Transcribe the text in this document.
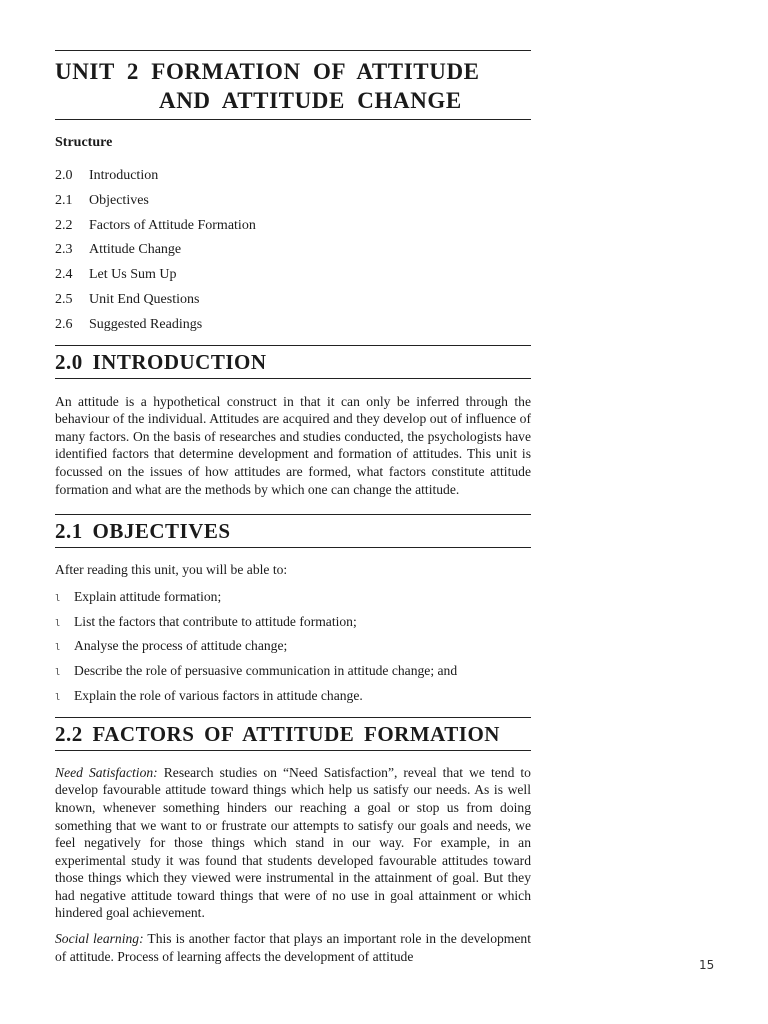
UNIT 2 FORMATION OF ATTITUDE
AND ATTITUDE CHANGE
Structure
2.0 Introduction
2.1 Objectives
2.2 Factors of Attitude Formation
2.3 Attitude Change
2.4 Let Us Sum Up
2.5 Unit End Questions
2.6 Suggested Readings
2.0 INTRODUCTION

An attitude is a hypothetical construct in that it can only be inferred through the behaviour of the individual. Attitudes are acquired and they develop out of influence of many factors. On the basis of researches and studies conducted, the psychologists have identified factors that determine development and formation of attitudes. This unit is focussed on the issues of how attitudes are formed, what factors constitute attitude formation and what are the methods by which one can change the attitude.

2.1 OBJECTIVES

After reading this unit, you will be able to:

l Explain attitude formation;
l List the factors that contribute to attitude formation;
l Analyse the process of attitude change;
l Describe the role of persuasive communication in attitude change; and
l Explain the role of various factors in attitude change.
2.2 FACTORS OF ATTITUDE FORMATION

Need Satisfaction: Research studies on “Need Satisfaction”, reveal that we tend to develop favourable attitude toward things which help us satisfy our needs. As is well known, whenever something hinders our reaching a goal or stop us from doing something that we want to or frustrate our attempts to satisfy our goals and needs, we feel negatively for those things which stand in our way. For example, in an experimental study it was found that students developed favourable attitudes toward those things which they viewed were instrumental in the attainment of goal. But they had negative attitude toward things that were of no use in goal attainment or which hindered goal achievement.

Social learning: This is another factor that plays an important role in the development of attitude. Process of learning affects the development of attitude

15
